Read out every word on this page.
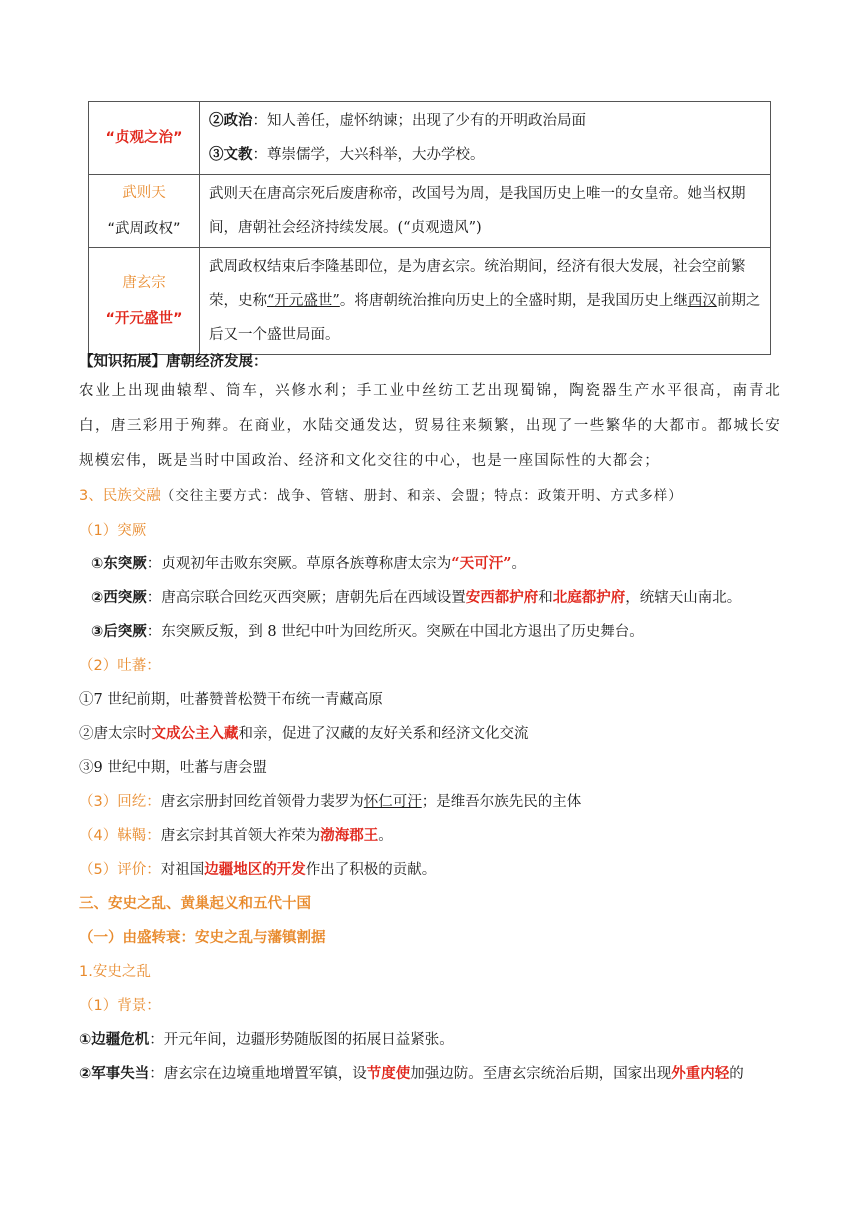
“贞观之治”	②政治：知人善任，虚怀纳谏；出现了少有的开明政治局面
③文教：尊崇儒学，大兴科举，大办学校。

武则天
“武周政权”	武则天在唐高宗死后废唐称帝，改国号为周，是我国历史上唯一的女皇帝。她当权期间，唐朝社会经济持续发展。(“贞观遗风”)

唐玄宗
“开元盛世”	武周政权结束后李隆基即位，是为唐玄宗。统治期间，经济有很大发展，社会空前繁荣，史称“开元盛世”。将唐朝统治推向历史上的全盛时期，是我国历史上继西汉前期之后又一个盛世局面。
【知识拓展】唐朝经济发展：
农业上出现曲辕犁、筒车，兴修水利；手工业中丝纺工艺出现蜀锦，陶瓷器生产水平很高，南青北白，唐三彩用于殉葬。在商业，水陆交通发达，贸易往来频繁，出现了一些繁华的大都市。都城长安规模宏伟，既是当时中国政治、经济和文化交往的中心，也是一座国际性的大都会；
3、民族交融（交往主要方式：战争、管辖、册封、和亲、会盟；特点：政策开明、方式多样）
（1）突厥
①东突厥：贞观初年击败东突厥。草原各族尊称唐太宗为“天可汗”。
②西突厥：唐高宗联合回纥灭西突厥；唐朝先后在西域设置安西都护府和北庭都护府，统辖天山南北。
③后突厥：东突厥反叛，到 8 世纪中叶为回纥所灭。突厥在中国北方退出了历史舞台。
（2）吐蕃：
①7 世纪前期，吐蕃赞普松赞干布统一青藏高原
②唐太宗时文成公主入藏和亲，促进了汉藏的友好关系和经济文化交流
③9 世纪中期，吐蕃与唐会盟
（3）回纥：唐玄宗册封回纥首领骨力裴罗为怀仁可汗；是维吾尔族先民的主体
（4）靺鞨：唐玄宗封其首领大祚荣为渤海郡王。
（5）评价：对祖国边疆地区的开发作出了积极的贡献。
三、安史之乱、黄巢起义和五代十国
（一）由盛转衰：安史之乱与藩镇割据
1.安史之乱
（1）背景：
①边疆危机：开元年间，边疆形势随版图的拓展日益紧张。
②军事失当：唐玄宗在边境重地增置军镇，设节度使加强边防。至唐玄宗统治后期，国家出现外重内轻的
